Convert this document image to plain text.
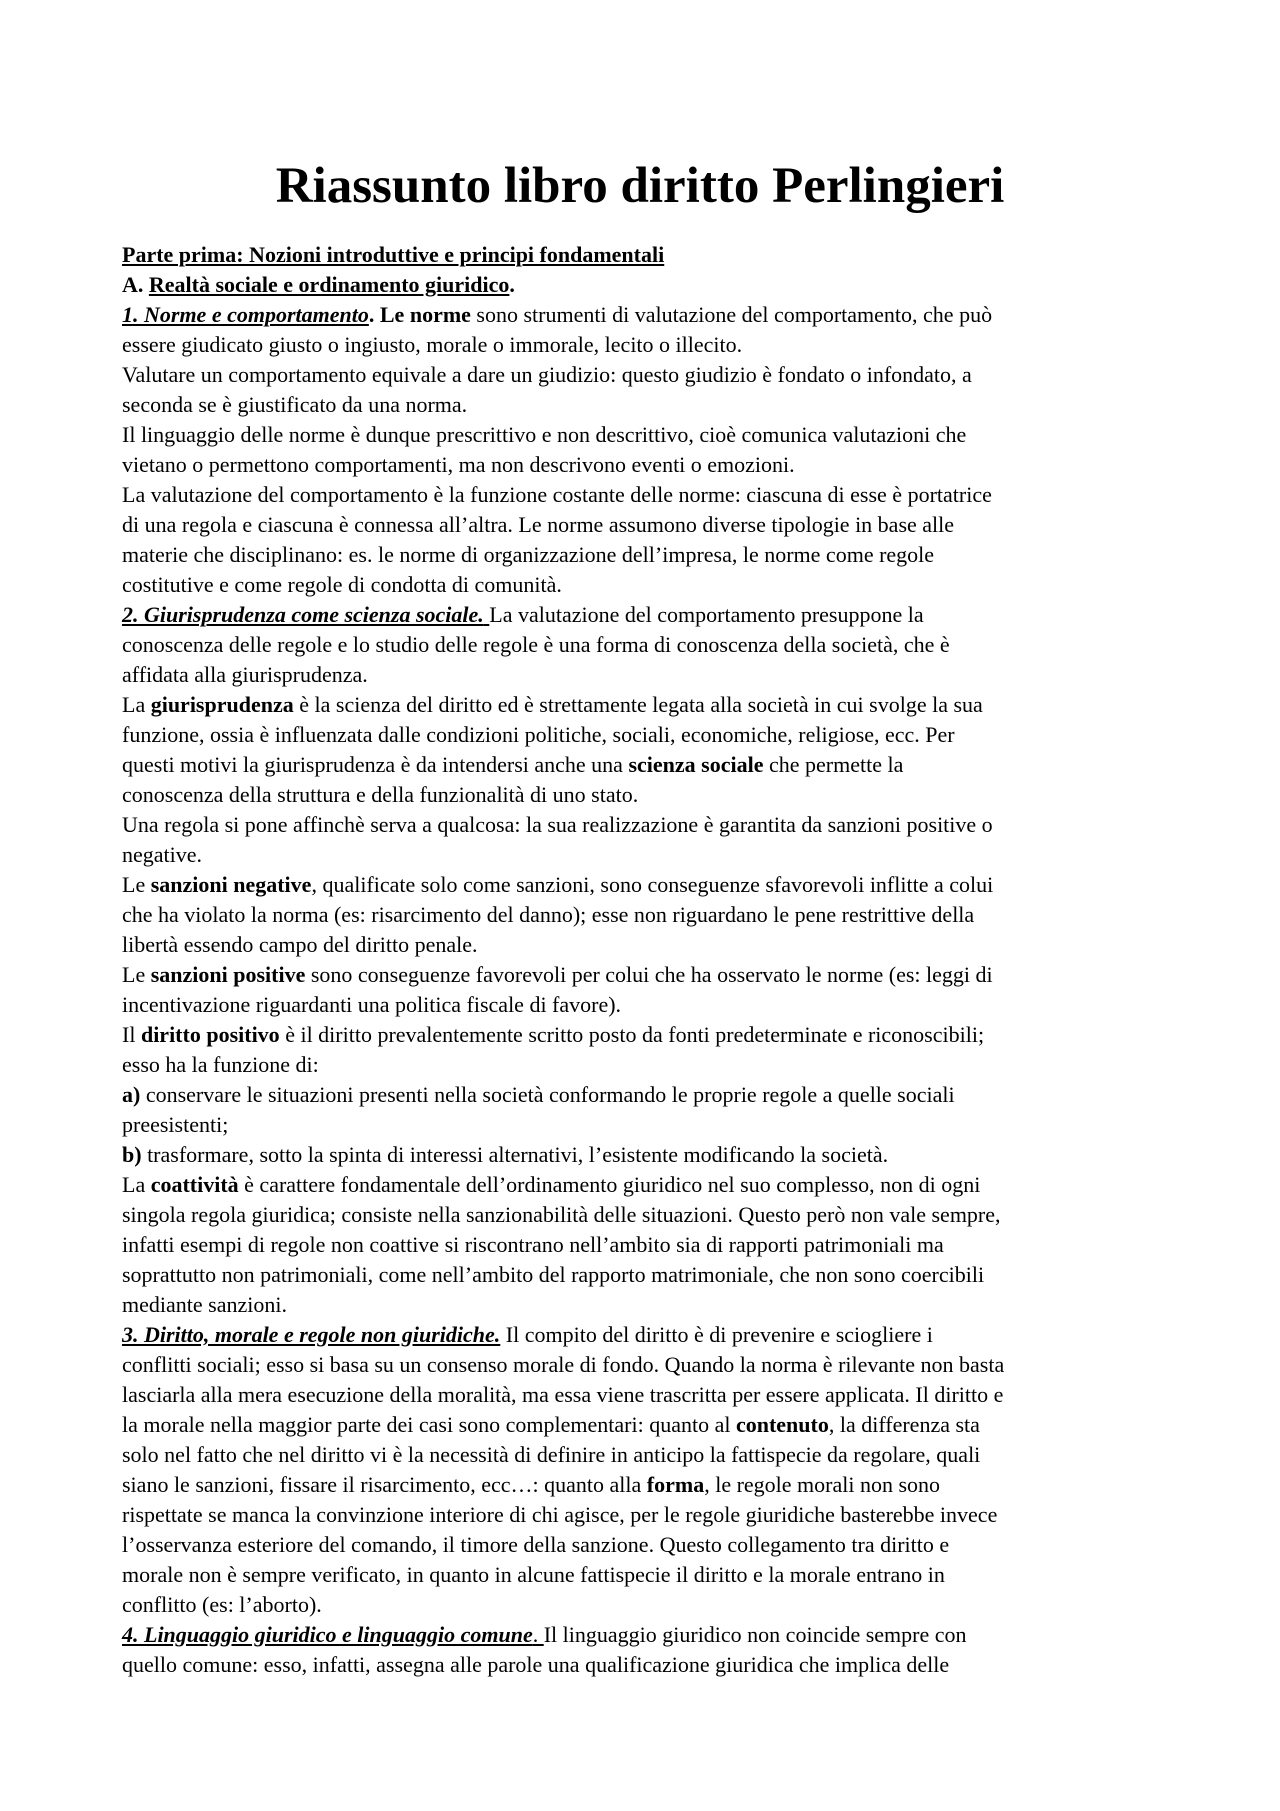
Riassunto libro diritto Perlingieri
Parte prima: Nozioni introduttive e principi fondamentali
A. Realtà sociale e ordinamento giuridico.
1. Norme e comportamento. Le norme sono strumenti di valutazione del comportamento, che può
essere giudicato giusto o ingiusto, morale o immorale, lecito o illecito.
Valutare un comportamento equivale a dare un giudizio: questo giudizio è fondato o infondato, a
seconda se è giustificato da una norma.
Il linguaggio delle norme è dunque prescrittivo e non descrittivo, cioè comunica valutazioni che
vietano o permettono comportamenti, ma non descrivono eventi o emozioni.
La valutazione del comportamento è la funzione costante delle norme: ciascuna di esse è portatrice
di una regola e ciascuna è connessa all’altra. Le norme assumono diverse tipologie in base alle
materie che disciplinano: es. le norme di organizzazione dell’impresa, le norme come regole
costitutive e come regole di condotta di comunità.
2. Giurisprudenza come scienza sociale. La valutazione del comportamento presuppone la
conoscenza delle regole e lo studio delle regole è una forma di conoscenza della società, che è
affidata alla giurisprudenza.
La giurisprudenza è la scienza del diritto ed è strettamente legata alla società in cui svolge la sua
funzione, ossia è influenzata dalle condizioni politiche, sociali, economiche, religiose, ecc. Per
questi motivi la giurisprudenza è da intendersi anche una scienza sociale che permette la
conoscenza della struttura e della funzionalità di uno stato.
Una regola si pone affinchè serva a qualcosa: la sua realizzazione è garantita da sanzioni positive o
negative.
Le sanzioni negative, qualificate solo come sanzioni, sono conseguenze sfavorevoli inflitte a colui
che ha violato la norma (es: risarcimento del danno); esse non riguardano le pene restrittive della
libertà essendo campo del diritto penale.
Le sanzioni positive sono conseguenze favorevoli per colui che ha osservato le norme (es: leggi di
incentivazione riguardanti una politica fiscale di favore).
Il diritto positivo è il diritto prevalentemente scritto posto da fonti predeterminate e riconoscibili;
esso ha la funzione di:
a) conservare le situazioni presenti nella società conformando le proprie regole a quelle sociali
preesistenti;
b) trasformare, sotto la spinta di interessi alternativi, l’esistente modificando la società.
La coattività è carattere fondamentale dell’ordinamento giuridico nel suo complesso, non di ogni
singola regola giuridica; consiste nella sanzionabilità delle situazioni. Questo però non vale sempre,
infatti esempi di regole non coattive si riscontrano nell’ambito sia di rapporti patrimoniali ma
soprattutto non patrimoniali, come nell’ambito del rapporto matrimoniale, che non sono coercibili
mediante sanzioni.
3. Diritto, morale e regole non giuridiche. Il compito del diritto è di prevenire e sciogliere i
conflitti sociali; esso si basa su un consenso morale di fondo. Quando la norma è rilevante non basta
lasciarla alla mera esecuzione della moralità, ma essa viene trascritta per essere applicata. Il diritto e
la morale nella maggior parte dei casi sono complementari: quanto al contenuto, la differenza sta
solo nel fatto che nel diritto vi è la necessità di definire in anticipo la fattispecie da regolare, quali
siano le sanzioni, fissare il risarcimento, ecc…: quanto alla forma, le regole morali non sono
rispettate se manca la convinzione interiore di chi agisce, per le regole giuridiche basterebbe invece
l’osservanza esteriore del comando, il timore della sanzione. Questo collegamento tra diritto e
morale non è sempre verificato, in quanto in alcune fattispecie il diritto e la morale entrano in
conflitto (es: l’aborto).
4. Linguaggio giuridico e linguaggio comune. Il linguaggio giuridico non coincide sempre con
quello comune: esso, infatti, assegna alle parole una qualificazione giuridica che implica delle
